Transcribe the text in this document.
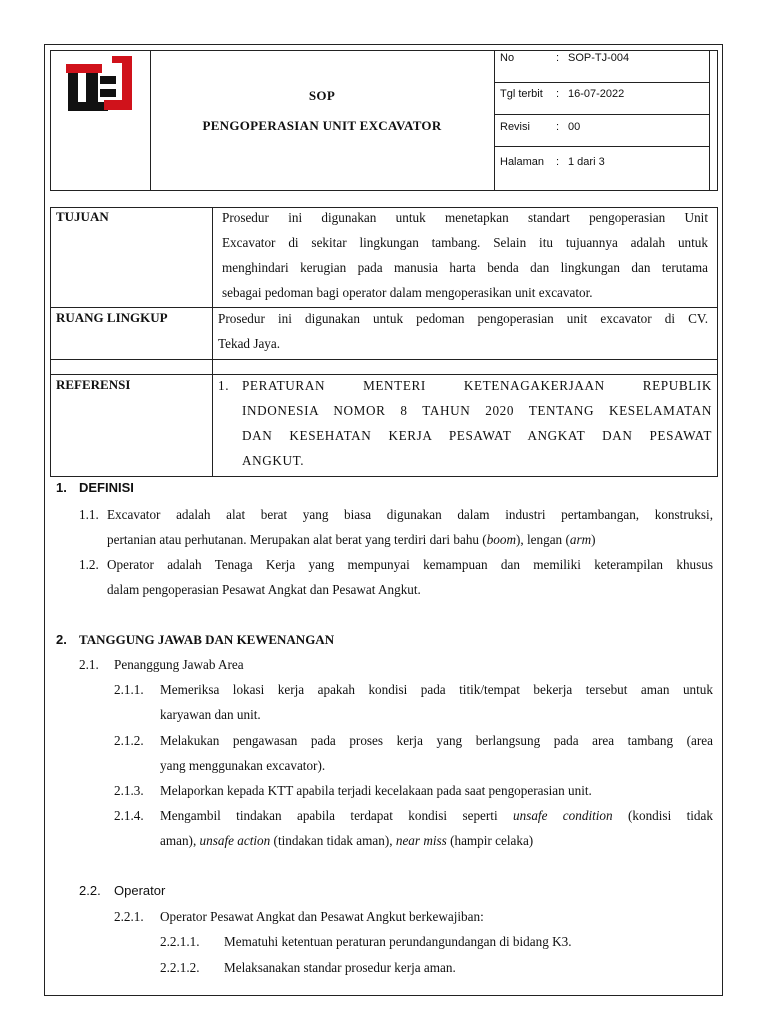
SOP
PENGOPERASIAN UNIT EXCAVATOR
No	: SOP-TJ-004
Tgl terbit : 16-07-2022
Revisi : 00
Halaman : 1 dari 3
TUJUAN	Prosedur ini digunakan untuk menetapkan standart pengoperasian Unit
Excavator di sekitar lingkungan tambang. Selain itu tujuannya adalah untuk
menghindari kerugian pada manusia harta benda dan lingkungan dan terutama
sebagai pedoman bagi operator dalam mengoperasikan unit excavator.
RUANG LINGKUP	Prosedur ini digunakan untuk pedoman pengoperasian unit excavator di CV.
Tekad Jaya.
REFERENSI	1. PERATURAN MENTERI KETENAGAKERJAAN REPUBLIK
INDONESIA NOMOR 8 TAHUN 2020 TENTANG KESELAMATAN
DAN KESEHATAN KERJA PESAWAT ANGKAT DAN PESAWAT
ANGKUT.
1. DEFINISI
1.1. Excavator adalah alat berat yang biasa digunakan dalam industri pertambangan, konstruksi,
pertanian atau perhutanan. Merupakan alat berat yang terdiri dari bahu (boom), lengan (arm)
1.2. Operator adalah Tenaga Kerja yang mempunyai kemampuan dan memiliki keterampilan khusus
dalam pengoperasian Pesawat Angkat dan Pesawat Angkut.
2. TANGGUNG JAWAB DAN KEWENANGAN
2.1. Penanggung Jawab Area
2.1.1. Memeriksa lokasi kerja apakah kondisi pada titik/tempat bekerja tersebut aman untuk
karyawan dan unit.
2.1.2. Melakukan pengawasan pada proses kerja yang berlangsung pada area tambang (area
yang menggunakan excavator).
2.1.3. Melaporkan kepada KTT apabila terjadi kecelakaan pada saat pengoperasian unit.
2.1.4. Mengambil tindakan apabila terdapat kondisi seperti unsafe condition (kondisi tidak
aman), unsafe action (tindakan tidak aman), near miss (hampir celaka)
2.2. Operator
2.2.1. Operator Pesawat Angkat dan Pesawat Angkut berkewajiban:
2.2.1.1. Mematuhi ketentuan peraturan perundangundangan di bidang K3.
2.2.1.2. Melaksanakan standar prosedur kerja aman.
